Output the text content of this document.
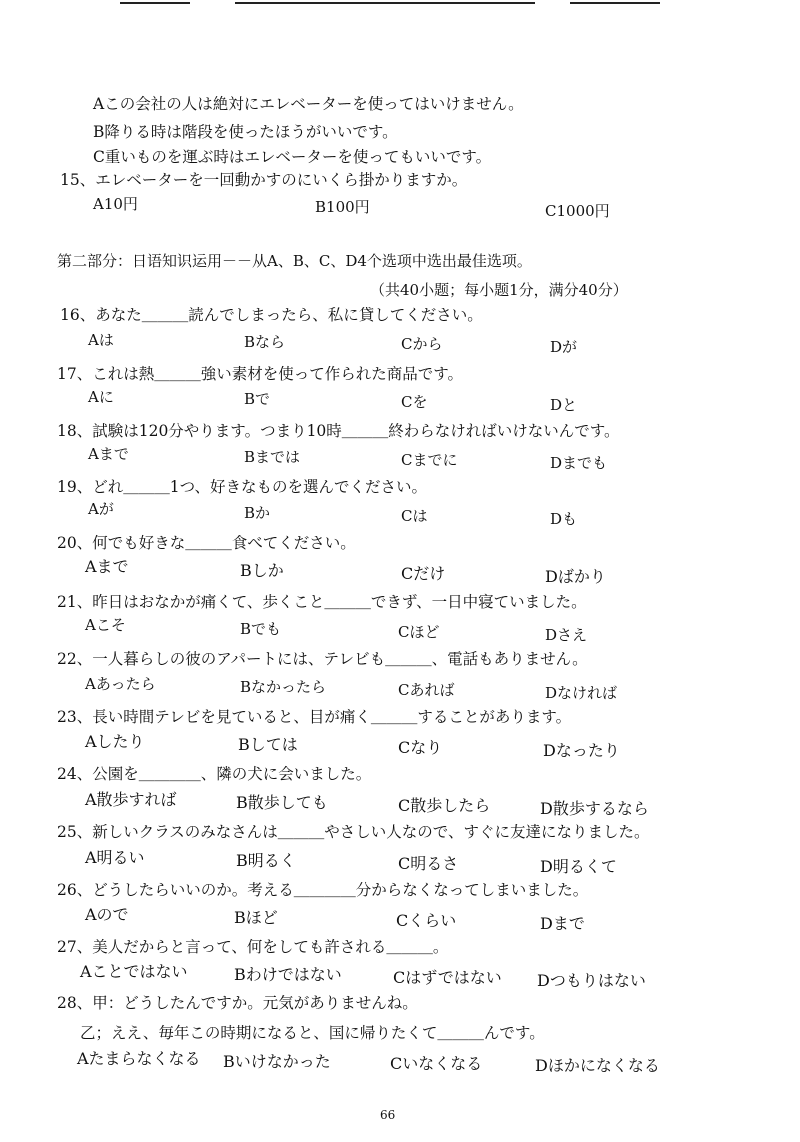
Aこの会社の人は絶対にエレベーターを使ってはいけません。
B降りる時は階段を使ったほうがいいです。
C重いものを運ぶ時はエレベーターを使ってもいいです。
15、エレベーターを一回動かすのにいくら掛かりますか。
A10円	B100円	C1000円
第二部分：日语知识运用－－从A、B、C、D4个选项中选出最佳选项。
（共40小题；每小题1分，满分40分）
16、あなた＿＿＿読んでしまったら、私に貸してください。
Aは	Bなら	Cから	Dが
17、これは熱＿＿＿強い素材を使って作られた商品です。
Aに	Bで	Cを	Dと
18、試験は120分やります。つまり10時＿＿＿終わらなければいけないんです。
Aまで	Bまでは	Cまでに	Dまでも
19、どれ＿＿＿1つ、好きなものを選んでください。
Aが	Bか	Cは	Dも
20、何でも好きな＿＿＿食べてください。
Aまで	Bしか	Cだけ	Dばかり
21、昨日はおなかが痛くて、歩くこと＿＿＿できず、一日中寝ていました。
Aこそ	Bでも	Cほど	Dさえ
22、一人暮らしの彼のアパートには、テレビも＿＿＿、電話もありません。
Aあったら	Bなかったら	Cあれば	Dなければ
23、長い時間テレビを見ていると、目が痛く＿＿＿することがあります。
Aしたり	Bしては	Cなり	Dなったり
24、公園を＿＿＿＿、隣の犬に会いました。
A散歩すれば	B散歩しても	C散歩したら	D散歩するなら
25、新しいクラスのみなさんは＿＿＿やさしい人なので、すぐに友達になりました。
A明るい	B明るく	C明るさ	D明るくて
26、どうしたらいいのか。考える＿＿＿＿分からなくなってしまいました。
Aので	Bほど	Cくらい	Dまで
27、美人だからと言って、何をしても許される＿＿＿。
Aことではない	Bわけではない	Cはずではない Dつもりはない
28、甲：どうしたんですか。元気がありませんね。
乙；ええ、毎年この時期になると、国に帰りたくて＿＿＿んです。
Aたまらなくなる Bいけなかった	Cいなくなる	Dほかになくなる
66
